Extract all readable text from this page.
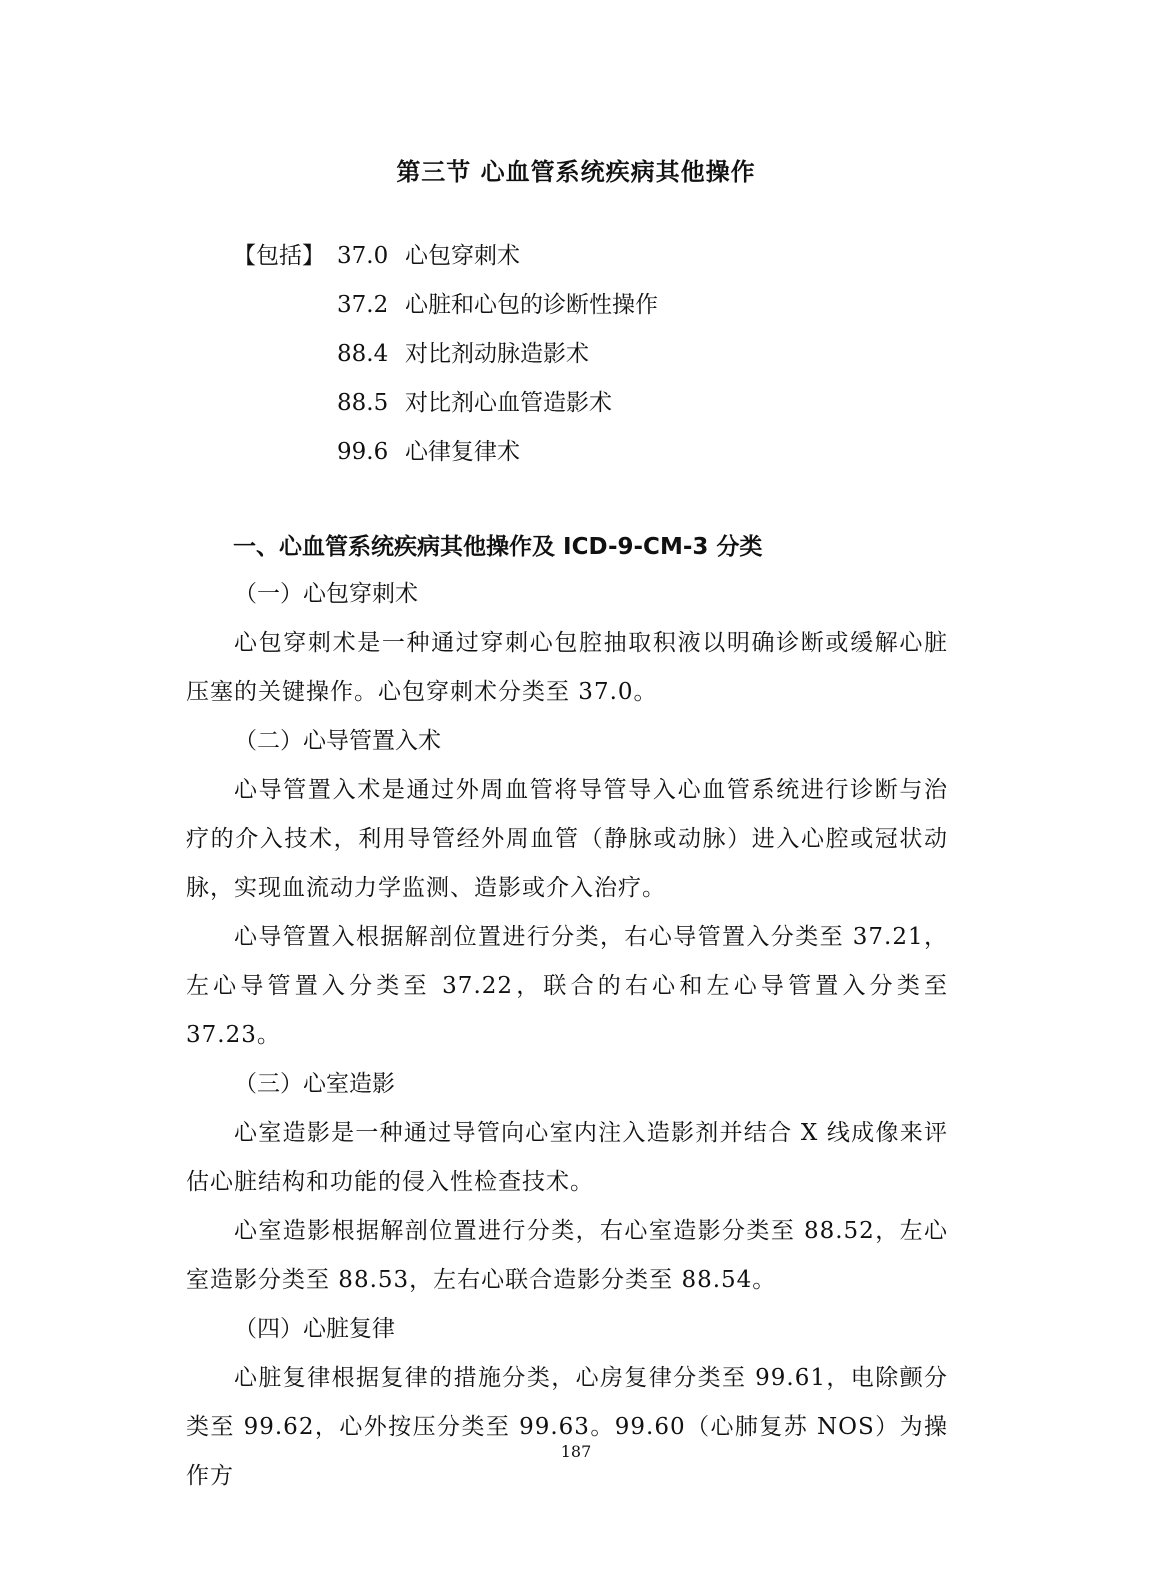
第三节 心血管系统疾病其他操作
【包括】 37.0 心包穿刺术
37.2 心脏和心包的诊断性操作
88.4 对比剂动脉造影术
88.5 对比剂心血管造影术
99.6 心律复律术
一、心血管系统疾病其他操作及 ICD-9-CM-3 分类

（一）心包穿刺术

心包穿刺术是一种通过穿刺心包腔抽取积液以明确诊断或缓解心脏压塞的关键操作。心包穿刺术分类至 37.0。

（二）心导管置入术

心导管置入术是通过外周血管将导管导入心血管系统进行诊断与治疗的介入技术，利用导管经外周血管（静脉或动脉）进入心腔或冠状动脉，实现血流动力学监测、造影或介入治疗。

心导管置入根据解剖位置进行分类，右心导管置入分类至 37.21，左心导管置入分类至 37.22，联合的右心和左心导管置入分类至 37.23。

（三）心室造影

心室造影是一种通过导管向心室内注入造影剂并结合 X 线成像来评估心脏结构和功能的侵入性检查技术。

心室造影根据解剖位置进行分类，右心室造影分类至 88.52，左心室造影分类至 88.53，左右心联合造影分类至 88.54。

（四）心脏复律

心脏复律根据复律的措施分类，心房复律分类至 99.61，电除颤分类至 99.62，心外按压分类至 99.63。99.60（心肺复苏 NOS）为操作方

187
